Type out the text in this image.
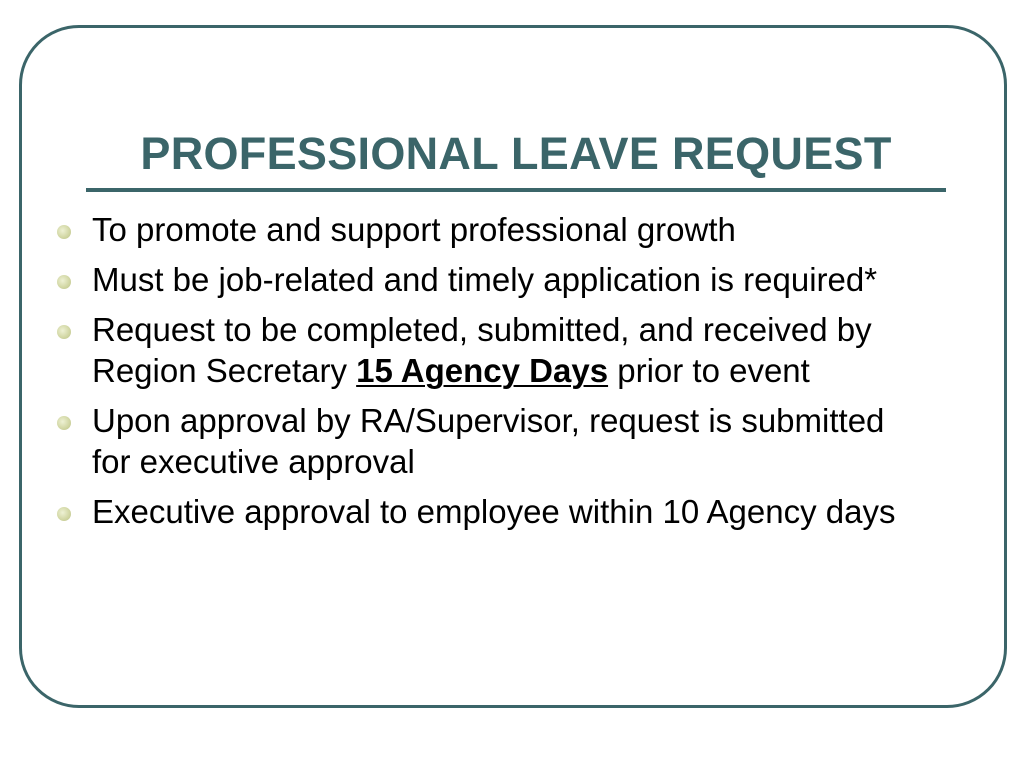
PROFESSIONAL LEAVE REQUEST
To promote and support professional growth
Must be job-related and timely application is required*
Request to be completed, submitted, and received by Region Secretary 15 Agency Days prior to event
Upon approval by RA/Supervisor, request is submitted for executive approval
Executive approval to employee within 10 Agency days
